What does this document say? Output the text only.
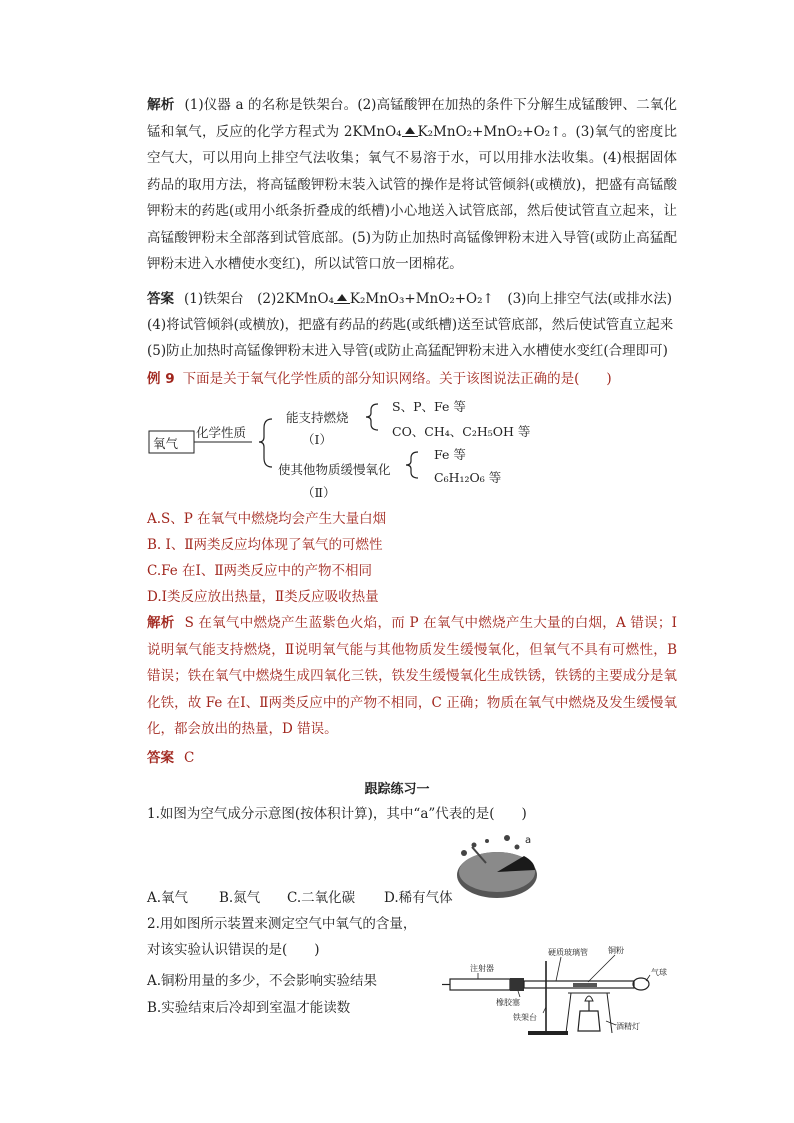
解析 (1)仪器 a 的名称是铁架台。(2)高锰酸钾在加热的条件下分解生成锰酸钾、二氧化锰和氧气，反应的化学方程式为 2KMnO₄ K₂MnO₂+MnO₂+O₂↑。(3)氧气的密度比空气大，可以用向上排空气法收集；氧气不易溶于水，可以用排水法收集。(4)根据固体药品的取用方法，将高锰酸钾粉末装入试管的操作是将试管倾斜(或横放)，把盛有高锰酸钾粉末的药匙(或用小纸条折叠成的纸槽)小心地送入试管底部，然后使试管直立起来，让高锰酸钾粉末全部落到试管底部。(5)为防止加热时高锰像钾粉末进入导管(或防止高猛配钾粉末进入水槽使水变红)，所以试管口放一团棉花。
答案 (1)铁架台　(2)2KMnO₄ K₂MnO₃+MnO₂+O₂↑　(3)向上排空气法(或排水法)
(4)将试管倾斜(或横放)，把盛有药品的药匙(或纸槽)送至试管底部，然后使试管直立起来
(5)防止加热时高锰像钾粉末进入导管(或防止高猛配钾粉末进入水槽使水变红(合理即可)
例 9 下面是关于氧气化学性质的部分知识网络。关于该图说法正确的是(　　)
氧气
化学性质
能支持燃烧
（Ⅰ）
S、P、Fe 等
CO、CH₄、C₂H₅OH 等
使其他物质缓慢氧化
（Ⅱ）
Fe 等
C₆H₁₂O₆ 等
A.S、P 在氧气中燃烧均会产生大量白烟
B. Ⅰ、Ⅱ两类反应均体现了氧气的可燃性
C.Fe 在Ⅰ、Ⅱ两类反应中的产物不相同
D.Ⅰ类反应放出热量，Ⅱ类反应吸收热量
解析 S 在氧气中燃烧产生蓝紫色火焰，而 P 在氧气中燃烧产生大量的白烟，A 错误；Ⅰ说明氧气能支持燃烧，Ⅱ说明氧气能与其他物质发生缓慢氧化，但氧气不具有可燃性，B 错误；铁在氧气中燃烧生成四氧化三铁，铁发生缓慢氧化生成铁锈，铁锈的主要成分是氧化铁，故 Fe 在Ⅰ、Ⅱ两类反应中的产物不相同，C 正确；物质在氧气中燃烧及发生缓慢氧化，都会放出的热量，D 错误。
答案 C
跟踪练习一
1.如图为空气成分示意图(按体积计算)，其中“a”代表的是(　　)
a
A.氧气 B.氮气 C.二氧化碳 D.稀有气体
2.用如图所示装置来测定空气中氧气的含量，
对该实验认识错误的是(　　)
A.铜粉用量的多少，不会影响实验结果
B.实验结束后冷却到室温才能读数
注射器
硬质玻璃管	铜粉
气球
橡胶塞
铁架台
酒精灯
